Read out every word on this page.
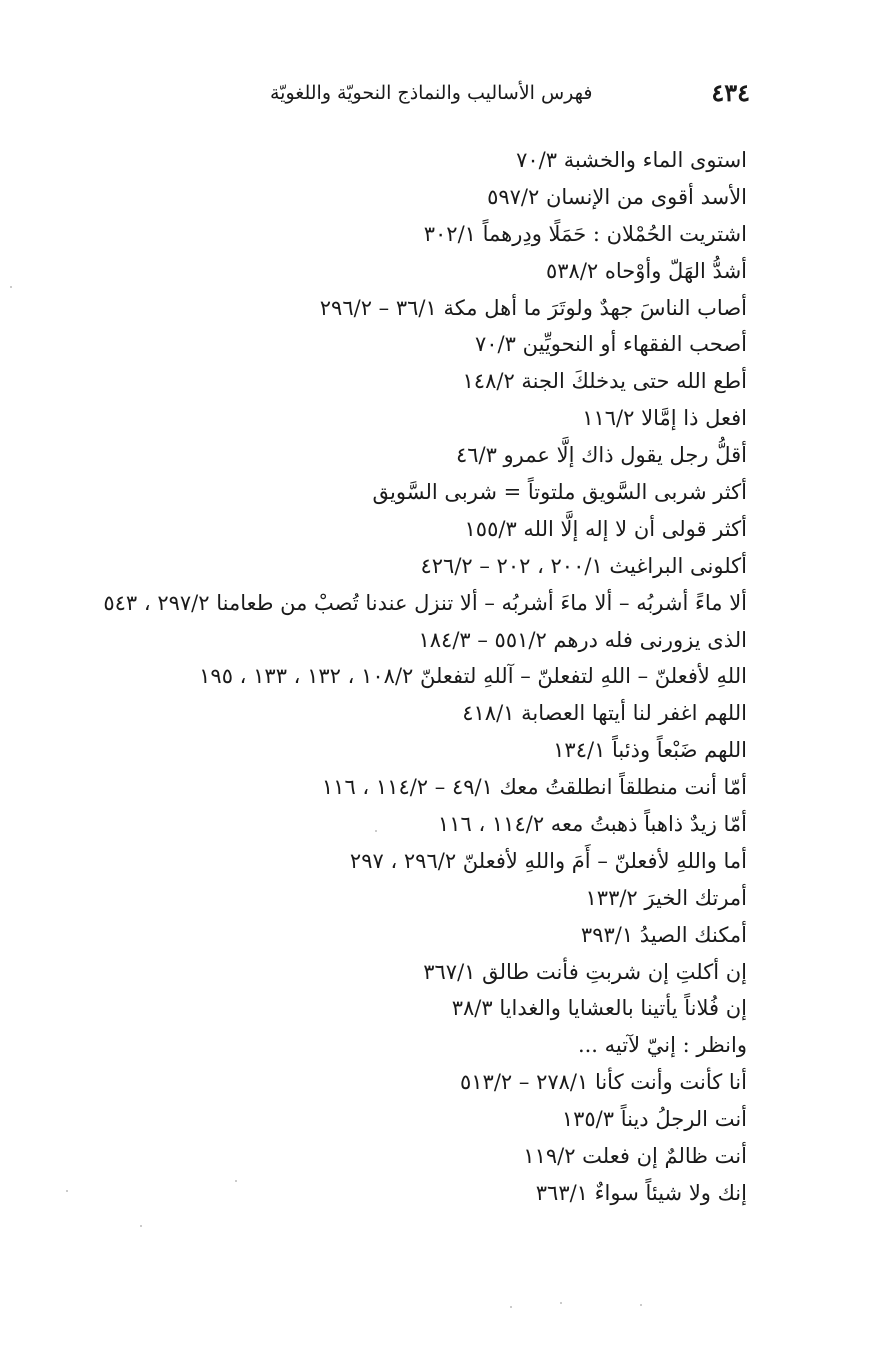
٤٣٤
فهرس الأساليب والنماذج النحويّة واللغويّة
استوى الماء والخشبة ٧٠/٣
الأسد أقوى من الإنسان ٥٩٧/٢
اشتريت الحُمْلان : حَمَلًا ودِرهماً ٣٠٢/١
أشدُّ الهَلّ وأوْحاه ٥٣٨/٢
أصاب الناسَ جهدٌ ولوتَرَ ما أهل مكة ٣٦/١ – ٢٩٦/٢
أصحب الفقهاء أو النحويِّين ٧٠/٣
أطع الله حتى يدخلكَ الجنة ١٤٨/٢
افعل ذا إمَّالا ١١٦/٢
أقلُّ رجل يقول ذاك إلَّا عمرو ٤٦/٣
أكثر شربى السَّويق ملتوتاً = شربى السَّويق
أكثر قولى أن لا إله إلَّا الله ١٥٥/٣
أكلونى البراغيث ٢٠٠/١ ، ٢٠٢ – ٤٢٦/٢
ألا ماءً أشربُه – ألا ماءَ أشربُه – ألا تنزل عندنا تُصبْ من طعامنا ٢٩٧/٢ ، ٥٤٣
الذى يزورنى فله درهم ٥٥١/٢ – ١٨٤/٣
اللهِ لأفعلنّ – اللهِ لتفعلنّ – آللهِ لتفعلنّ ١٠٨/٢ ، ١٣٢ ، ١٣٣ ، ١٩٥
اللهم اغفر لنا أيتها العصابة ٤١٨/١
اللهم ضَبْعاً وذئباً ١٣٤/١
أمّا أنت منطلقاً انطلقتُ معك ٤٩/١ – ١١٤/٢ ، ١١٦
أمّا زيدٌ ذاهباً ذهبتُ معه ١١٤/٢ ، ١١٦
أما واللهِ لأفعلنّ – أَمَ واللهِ لأفعلنّ ٢٩٦/٢ ، ٢٩٧
أمرتك الخيرَ ١٣٣/٢
أمكنك الصيدُ ٣٩٣/١
إن أكلتِ إن شربتِ فأنت طالق ٣٦٧/١
إن فُلاناً يأتينا بالعشايا والغدايا ٣٨/٣
وانظر : إنيّ لآتيه ...
أنا كأنت وأنت كأنا ٢٧٨/١ – ٥١٣/٢
أنت الرجلُ ديناً ١٣٥/٣
أنت ظالمٌ إن فعلت ١١٩/٢
إنك ولا شيئاً سواءٌ ٣٦٣/١
